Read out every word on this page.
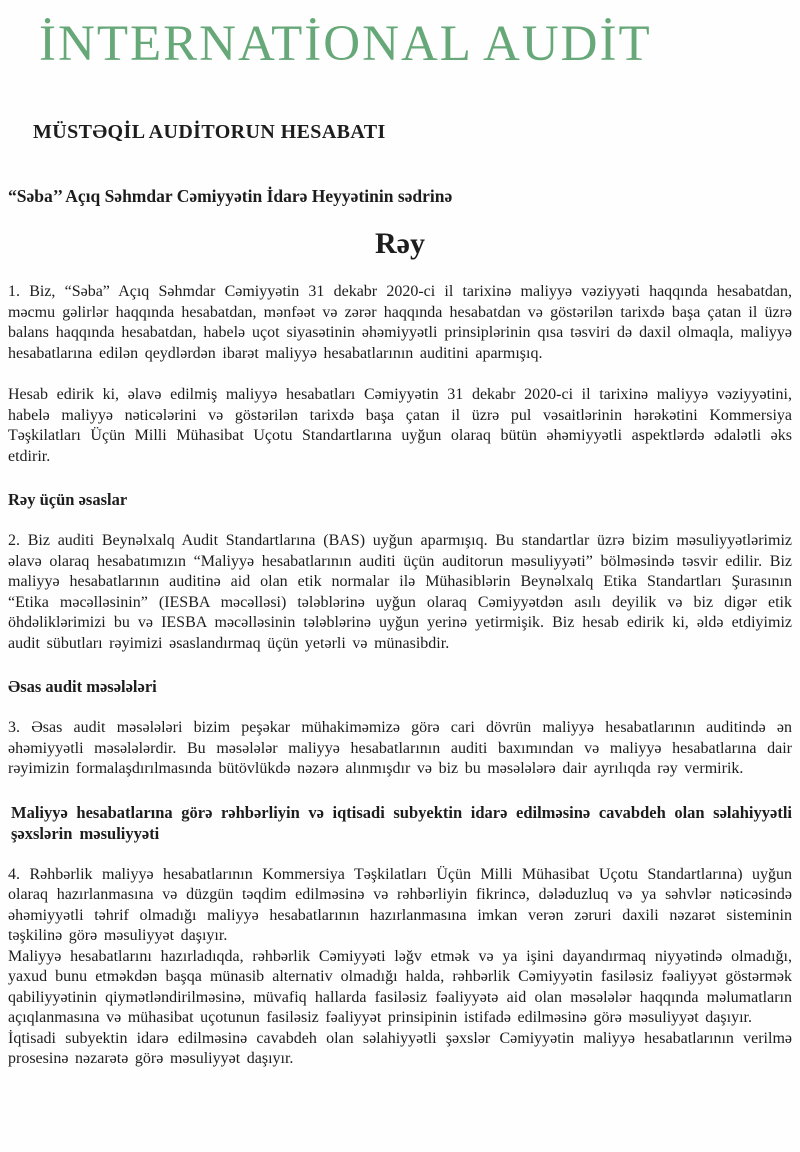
İNTERNATİONAL AUDİT
MÜSTƏQİL AUDİTORUN HESABATI

“Səba’’ Açıq Səhmdar Cəmiyyətin İdarə Heyyətinin sədrinə

Rəy

1. Biz, “Səba” Açıq Səhmdar Cəmiyyətin 31 dekabr 2020-ci il tarixinə maliyyə vəziyyəti haqqında hesabatdan, məcmu gəlirlər haqqında hesabatdan, mənfəət və zərər haqqında hesabatdan və göstərilən tarixdə başa çatan il üzrə balans haqqında hesabatdan, habelə uçot siyasətinin əhəmiyyətli prinsiplərinin qısa təsviri də daxil olmaqla, maliyyə hesabatlarına edilən qeydlərdən ibarət maliyyə hesabatlarının auditini aparmışıq.

Hesab edirik ki, əlavə edilmiş maliyyə hesabatları Cəmiyyətin 31 dekabr 2020-ci il tarixinə maliyyə vəziyyətini, habelə maliyyə nəticələrini və göstərilən tarixdə başa çatan il üzrə pul vəsaitlərinin hərəkətini Kommersiya Təşkilatları Üçün Milli Mühasibat Uçotu Standartlarına uyğun olaraq bütün əhəmiyyətli aspektlərdə ədalətli əks etdirir.

Rəy üçün əsaslar

2. Biz auditi Beynəlxalq Audit Standartlarına (BAS) uyğun aparmışıq. Bu standartlar üzrə bizim məsuliyyətlərimiz əlavə olaraq hesabatımızın “Maliyyə hesabatlarının auditi üçün auditorun məsuliyyəti” bölməsində təsvir edilir. Biz maliyyə hesabatlarının auditinə aid olan etik normalar ilə Mühasiblərin Beynəlxalq Etika Standartları Şurasının “Etika məcəlləsinin” (IESBA məcəlləsi) tələblərinə uyğun olaraq Cəmiyyətdən asılı deyilik və biz digər etik öhdəliklərimizi bu və IESBA məcəlləsinin tələblərinə uyğun yerinə yetirmişik. Biz hesab edirik ki, əldə etdiyimiz audit sübutları rəyimizi əsaslandırmaq üçün yetərli və münasibdir.

Əsas audit məsələləri

3. Əsas audit məsələləri bizim peşəkar mühakiməmizə görə cari dövrün maliyyə hesabatlarının auditində ən əhəmiyyətli məsələlərdir. Bu məsələlər maliyyə hesabatlarının auditi baxımından və maliyyə hesabatlarına dair rəyimizin formalaşdırılmasında bütövlükdə nəzərə alınmışdır və biz bu məsələlərə dair ayrılıqda rəy vermirik.

Maliyyə hesabatlarına görə rəhbərliyin və iqtisadi subyektin idarə edilməsinə cavabdeh olan səlahiyyətli şəxslərin məsuliyyəti

4. Rəhbərlik maliyyə hesabatlarının Kommersiya Təşkilatları Üçün Milli Mühasibat Uçotu Standartlarına) uyğun olaraq hazırlanmasına və düzgün təqdim edilməsinə və rəhbərliyin fikrincə, dələduzluq və ya səhvlər nəticəsində əhəmiyyətli təhrif olmadığı maliyyə hesabatlarının hazırlanmasına imkan verən zəruri daxili nəzarət sisteminin təşkilinə görə məsuliyyət daşıyır.

Maliyyə hesabatlarını hazırladıqda, rəhbərlik Cəmiyyəti ləğv etmək və ya işini dayandırmaq niyyətində olmadığı, yaxud bunu etməkdən başqa münasib alternativ olmadığı halda, rəhbərlik Cəmiyyətin fasiləsiz fəaliyyət göstərmək qabiliyyətinin qiymətləndirilməsinə, müvafiq hallarda fasiləsiz fəaliyyətə aid olan məsələlər haqqında məlumatların açıqlanmasına və mühasibat uçotunun fasiləsiz fəaliyyət prinsipinin istifadə edilməsinə görə məsuliyyət daşıyır.

İqtisadi subyektin idarə edilməsinə cavabdeh olan səlahiyyətli şəxslər Cəmiyyətin maliyyə hesabatlarının verilmə prosesinə nəzarətə görə məsuliyyət daşıyır.
